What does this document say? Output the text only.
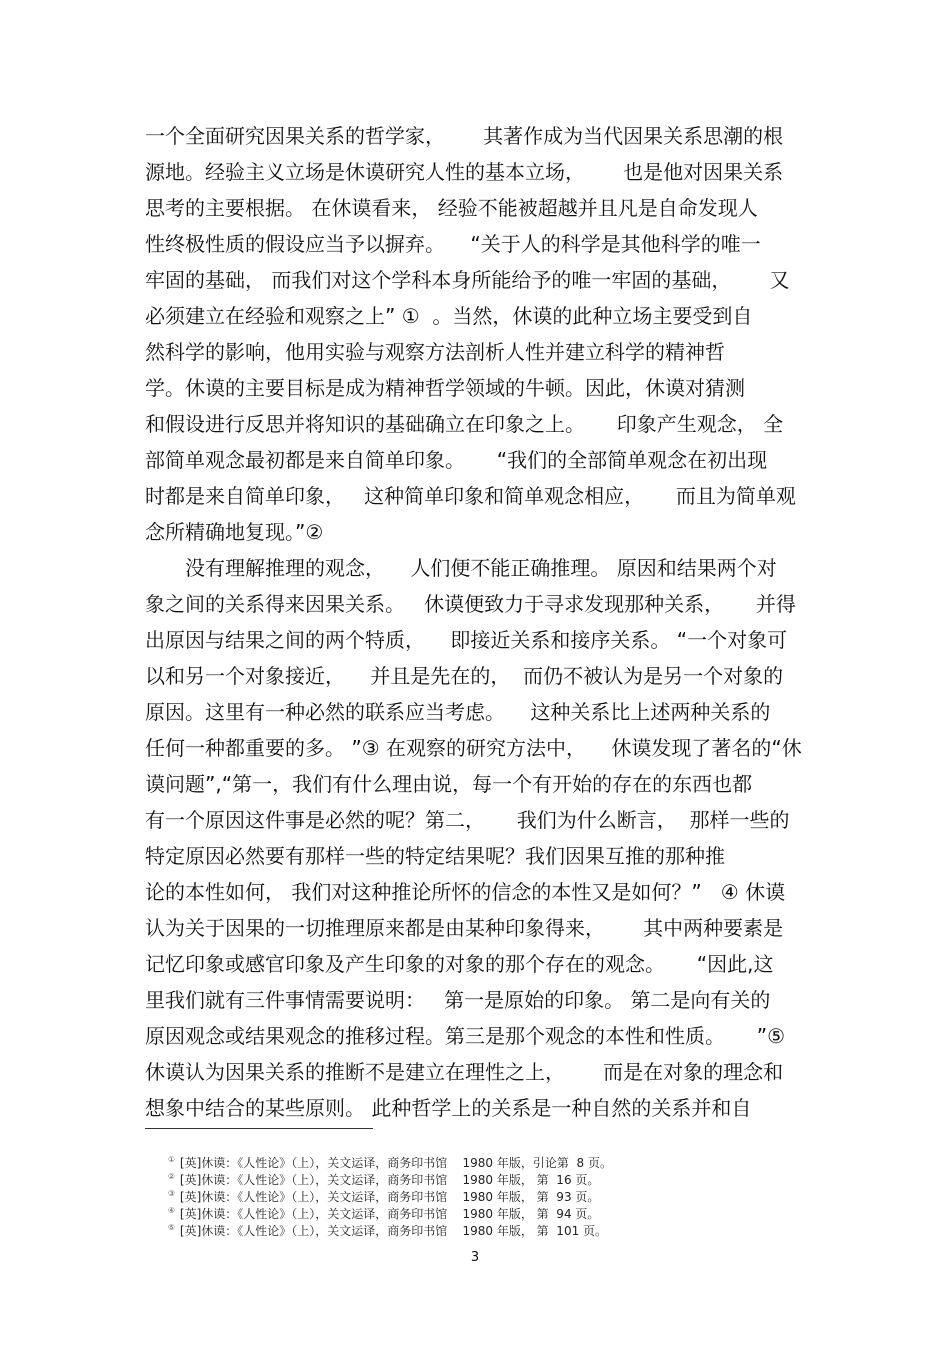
一个全面研究因果关系的哲学家，      其著作成为当代因果关系思潮的根
源地。经验主义立场是休谟研究人性的基本立场，      也是他对因果关系
思考的主要根据。 在休谟看来， 经验不能被超越并且凡是自命发现人
性终极性质的假设应当予以摒弃。    “关于人的科学是其他科学的唯一
牢固的基础， 而我们对这个学科本身所能给予的唯一牢固的基础，      又
必须建立在经验和观察之上” ①  。当然，休谟的此种立场主要受到自
然科学的影响，他用实验与观察方法剖析人性并建立科学的精神哲
学。休谟的主要目标是成为精神哲学领域的牛顿。因此，休谟对猜测
和假设进行反思并将知识的基础确立在印象之上。     印象产生观念， 全
部简单观念最初都是来自简单印象。     “我们的全部简单观念在初出现
时都是来自简单印象，   这种简单印象和简单观念相应，     而且为简单观
念所精确地复现。”②
没有理解推理的观念，    人们便不能正确推理。 原因和结果两个对
象之间的关系得来因果关系。   休谟便致力于寻求发现那种关系，     并得
出原因与结果之间的两个特质，    即接近关系和接序关系。 “一个对象可
以和另一个对象接近，    并且是先在的，  而仍不被认为是另一个对象的
原因。这里有一种必然的联系应当考虑。    这种关系比上述两种关系的
任何一种都重要的多。 ”③ 在观察的研究方法中，    休谟发现了著名的“休
谟问题”,“第一，我们有什么理由说，每一个有开始的存在的东西也都
有一个原因这件事是必然的呢？第二，     我们为什么断言，  那样一些的
特定原因必然要有那样一些的特定结果呢？我们因果互推的那种推
论的本性如何， 我们对这种推论所怀的信念的本性又是如何？”   ④ 休谟
认为关于因果的一切推理原来都是由某种印象得来，      其中两种要素是
记忆印象或感官印象及产生印象的对象的那个存在的观念。     “因此,这
里我们就有三件事情需要说明：   第一是原始的印象。 第二是向有关的
原因观念或结果观念的推移过程。第三是那个观念的本性和性质。     ”⑤
休谟认为因果关系的推断不是建立在理性之上，      而是在对象的理念和
想象中结合的某些原则。 此种哲学上的关系是一种自然的关系并和自

① [英]休谟：《人性论》（上），关文运译，商务印书馆    1980 年版，引论第  8 页。

② [英]休谟：《人性论》（上），关文运译，商务印书馆    1980 年版， 第  16 页。

③ [英]休谟：《人性论》（上），关文运译，商务印书馆    1980 年版， 第  93 页。

④ [英]休谟：《人性论》（上），关文运译，商务印书馆    1980 年版， 第  94 页。

⑤ [英]休谟：《人性论》（上），关文运译，商务印书馆    1980 年版， 第  101 页。

3
